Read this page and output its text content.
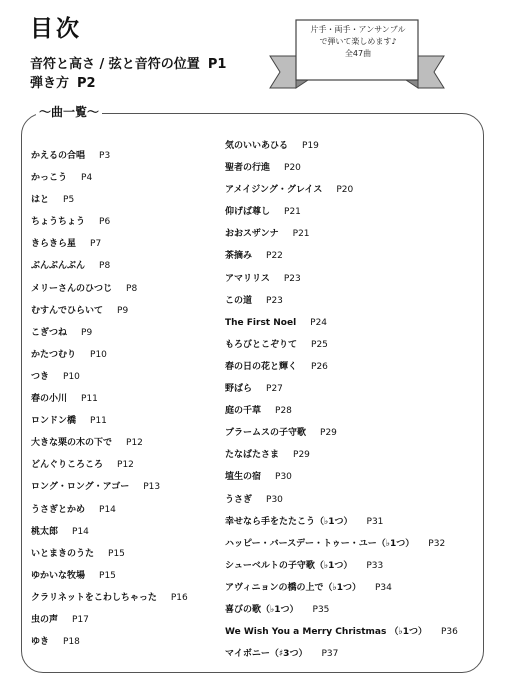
目次
音符と高さ / 弦と音符の位置 P1
弾き方 P2
片手・両手・アンサンブル
で弾いて楽しめます♪
全47曲
～曲一覧～
かえるの合唱 P3
かっこう P4
はと P5
ちょうちょう P6
きらきら星 P7
ぶんぶんぶん P8
メリーさんのひつじ P8
むすんでひらいて P9
こぎつね P9
かたつむり P10
つき P10
春の小川 P11
ロンドン橋 P11
大きな栗の木の下で P12
どんぐりころころ P12
ロング・ロング・アゴー P13
うさぎとかめ P14
桃太郎 P14
いとまきのうた P15
ゆかいな牧場 P15
クラリネットをこわしちゃった P16
虫の声 P17
ゆき P18
気のいいあひる P19
聖者の行進 P20
アメイジング・グレイス P20
仰げば尊し P21
おおスザンナ P21
茶摘み P22
アマリリス P23
この道 P23
The First Noel P24
もろびとこぞりて P25
春の日の花と輝く P26
野ばら P27
庭の千草 P28
ブラームスの子守歌 P29
たなばたさま P29
埴生の宿 P30
うさぎ P30
幸せなら手をたたこう（♭1つ） P31
ハッピー・バースデー・トゥー・ユー（♭1つ） P32
シューベルトの子守歌（♭1つ） P33
アヴィニョンの橋の上で（♭1つ） P34
喜びの歌（♭1つ） P35
We Wish You a Merry Christmas （♭1つ） P36
マイボニー（♯3つ） P37
